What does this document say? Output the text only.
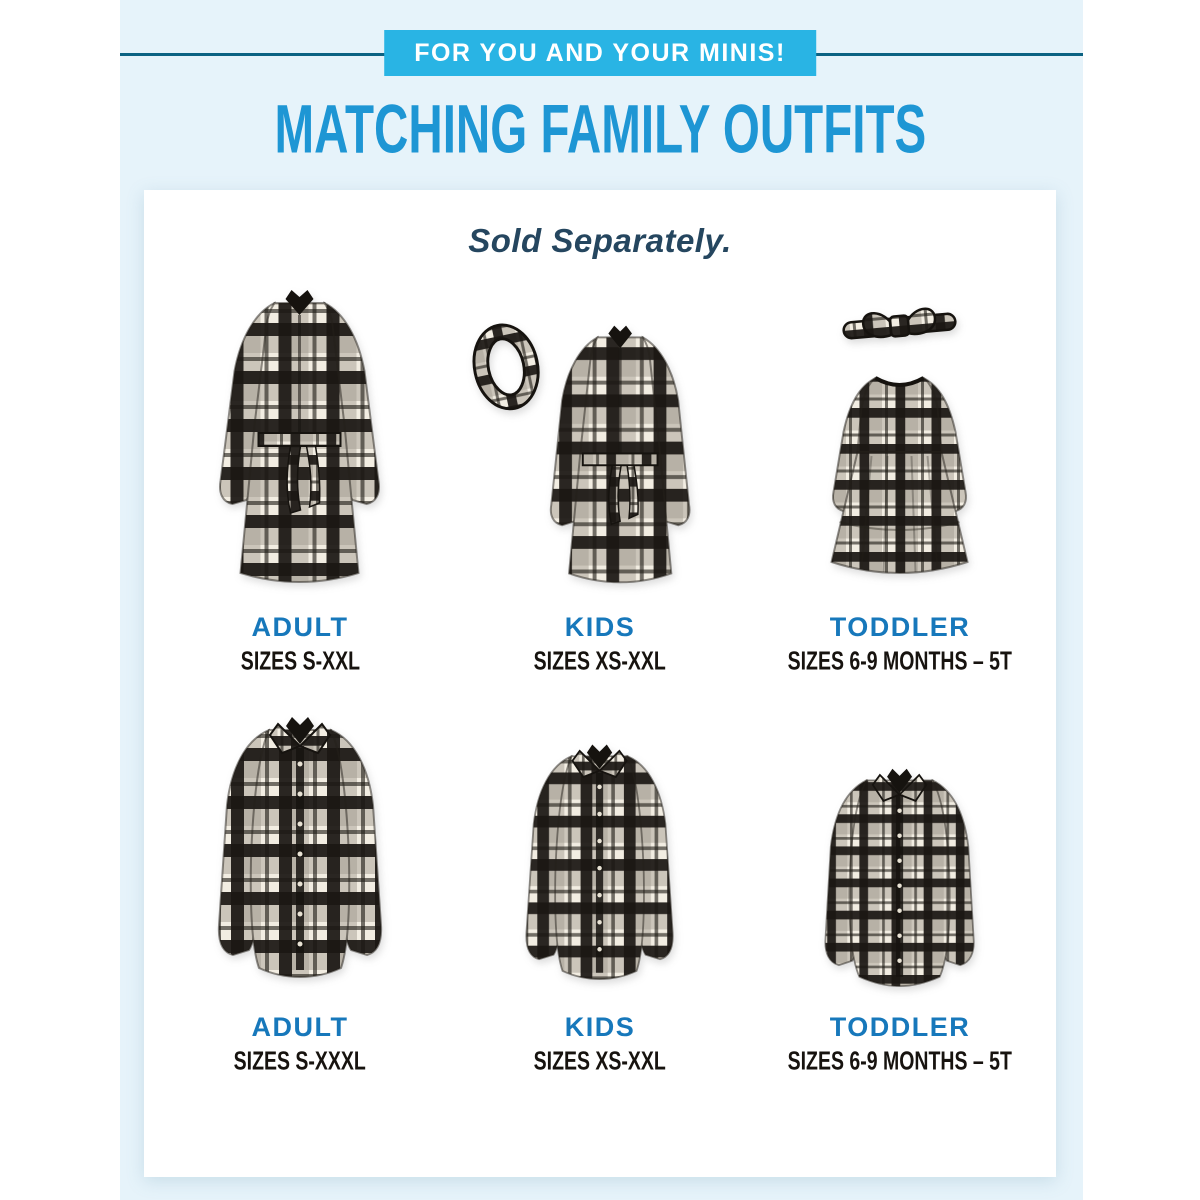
FOR YOU AND YOUR MINIS!
MATCHING FAMILY OUTFITS
Sold Separately.
ADULT
SIZES S-XXL
KIDS
SIZES XS-XXL
TODDLER
SIZES 6-9 MONTHS – 5T
ADULT
SIZES S-XXXL
KIDS
SIZES XS-XXL
TODDLER
SIZES 6-9 MONTHS – 5T
